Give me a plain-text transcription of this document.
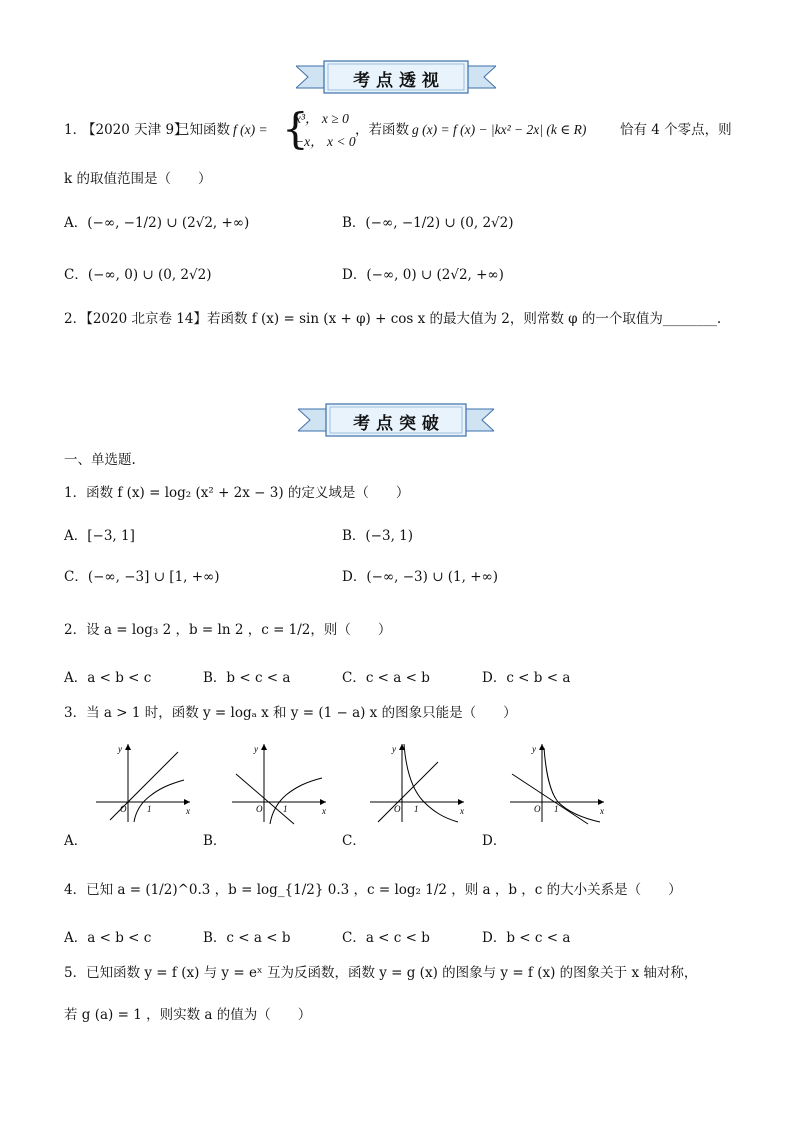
考 点 透 视
1．
【2020 天津 9】
已知函数 f (x) = {
x³， x ≥ 0
−x， x < 0
，若函数 g (x) = f (x) − |kx² − 2x| (k ∈ R) 恰有 4 个零点，则
k 的取值范围是（　　）
A．(−∞, −1/2) ∪ (2√2, +∞)	B．(−∞, −1/2) ∪ (0, 2√2)
C．(−∞, 0) ∪ (0, 2√2)	D．(−∞, 0) ∪ (2√2, +∞)
2．【2020 北京卷 14】若函数 f (x) = sin (x + φ) + cos x 的最大值为 2，则常数 φ 的一个取值为________.
考 点 突 破
一、单选题.
1．函数 f (x) = log₂ (x² + 2x − 3) 的定义域是（　　）
A．[−3, 1]	B．(−3, 1)
C．(−∞, −3] ∪ [1, +∞)	D．(−∞, −3) ∪ (1, +∞)
2．设 a = log₃ 2 ，b = ln 2 ，c = 1/2，则（　　）
A．a < b < c	B．b < c < a	C．c < a < b	D．c < b < a
3．当 a > 1 时，函数 y = logₐ x 和 y = (1 − a) x 的图象只能是（　　）
y
x
O 1
A．
y
x
O 1
B．
y
x
O 1
C．
y
x
O 1
D．
4．已知 a = (1/2)^0.3 ，b = log_{1/2} 0.3 ，c = log₂ 1/2 ，则 a ，b ，c 的大小关系是（　　）
A．a < b < c	B．c < a < b	C．a < c < b	D．b < c < a
5．已知函数 y = f (x) 与 y = eˣ 互为反函数，函数 y = g (x) 的图象与 y = f (x) 的图象关于 x 轴对称，
若 g (a) = 1 ，则实数 a 的值为（　　）
